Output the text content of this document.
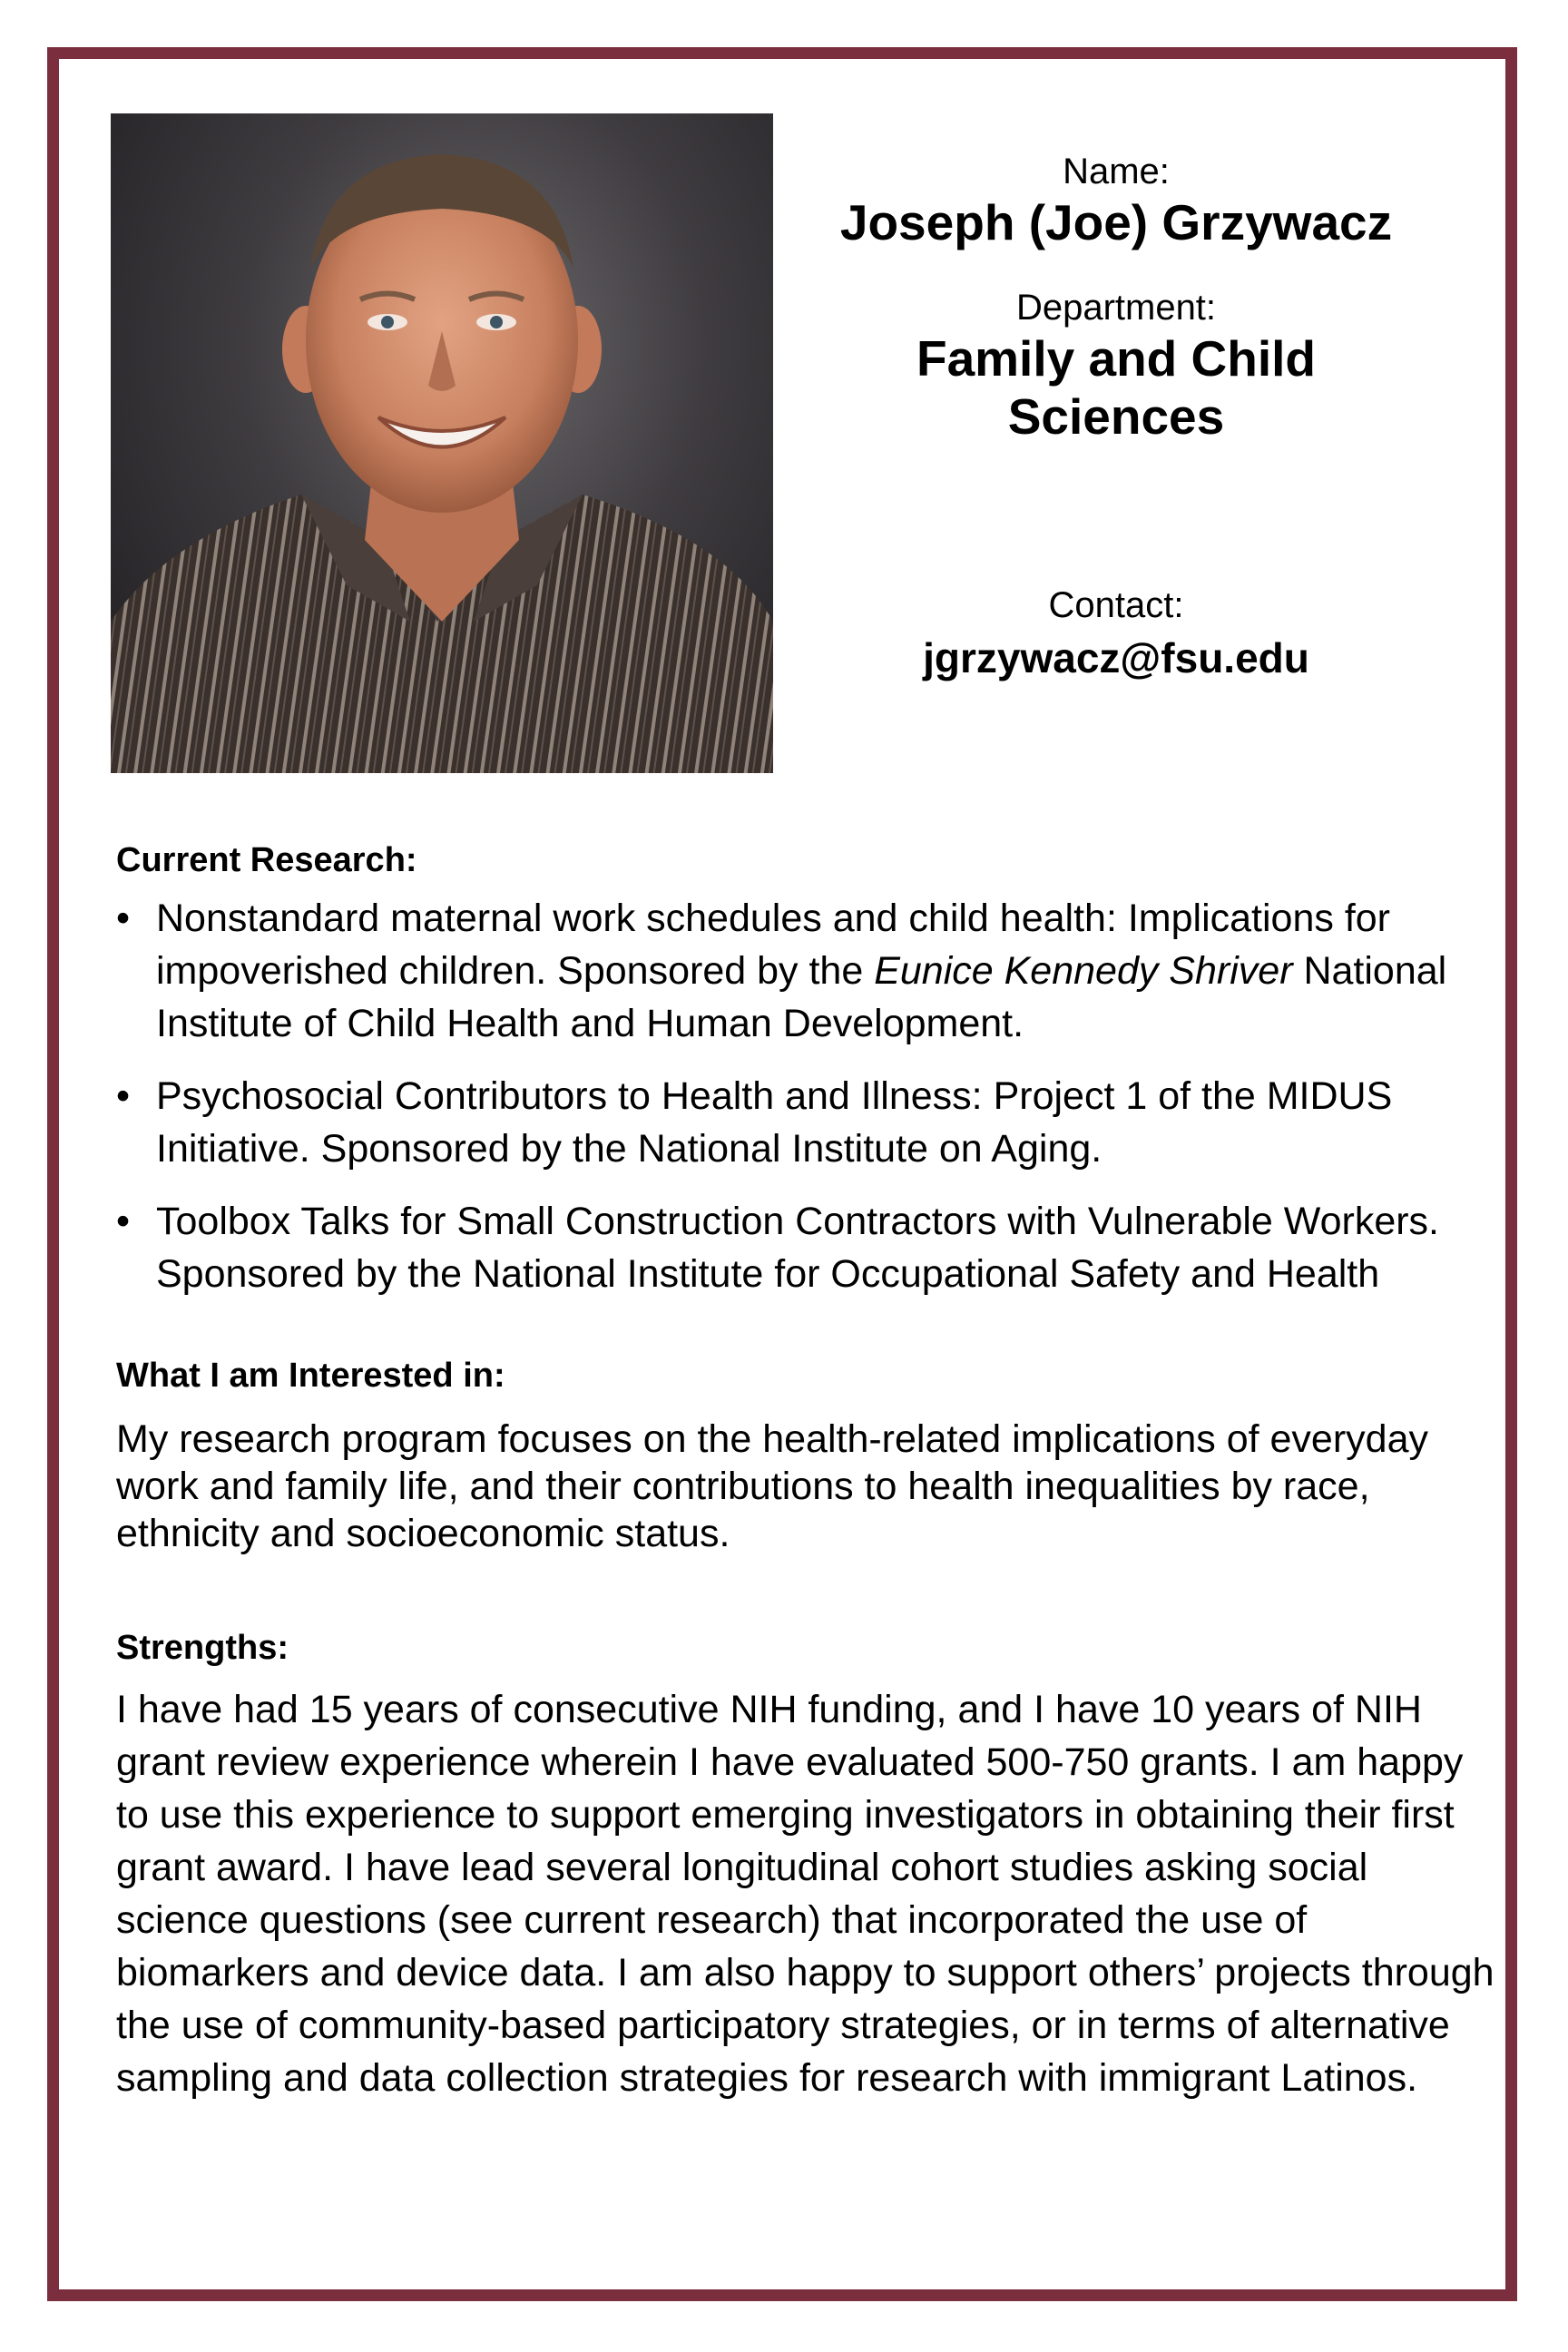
Name:

Joseph (Joe) Grzywacz

Department:

Family and Child Sciences

Contact:

jgrzywacz@fsu.edu

Current Research:

• Nonstandard maternal work schedules and child health: Implications for impoverished children. Sponsored by the Eunice Kennedy Shriver National Institute of Child Health and Human Development.
• Psychosocial Contributors to Health and Illness: Project 1 of the MIDUS Initiative. Sponsored by the National Institute on Aging.
• Toolbox Talks for Small Construction Contractors with Vulnerable Workers. Sponsored by the National Institute for Occupational Safety and Health

What I am Interested in:

My research program focuses on the health-related implications of everyday work and family life, and their contributions to health inequalities by race, ethnicity and socioeconomic status.

Strengths:

I have had 15 years of consecutive NIH funding, and I have 10 years of NIH grant review experience wherein I have evaluated 500-750 grants. I am happy to use this experience to support emerging investigators in obtaining their first grant award. I have lead several longitudinal cohort studies asking social science questions (see current research) that incorporated the use of biomarkers and device data. I am also happy to support others’ projects through the use of community-based participatory strategies, or in terms of alternative sampling and data collection strategies for research with immigrant Latinos.
